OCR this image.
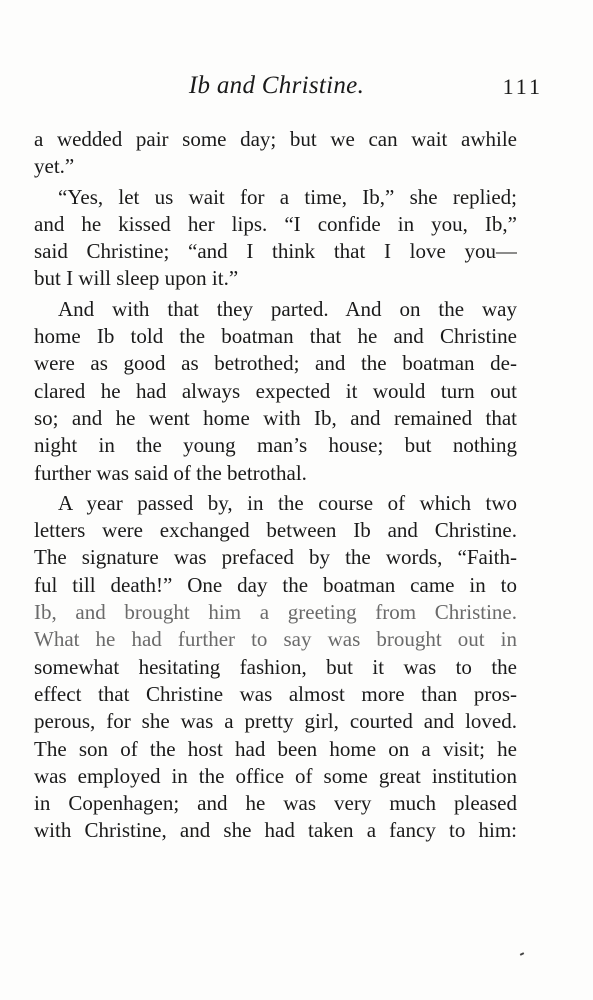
Ib and Christine.	111
a wedded pair some day; but we can wait awhile
yet.”
“Yes, let us wait for a time, Ib,” she replied;
and he kissed her lips. “I confide in you, Ib,”
said Christine; “and I think that I love you—
but I will sleep upon it.”
And with that they parted. And on the way
home Ib told the boatman that he and Christine
were as good as betrothed; and the boatman de-
clared he had always expected it would turn out
so; and he went home with Ib, and remained that
night in the young man’s house; but nothing
further was said of the betrothal.
A year passed by, in the course of which two
letters were exchanged between Ib and Christine.
The signature was prefaced by the words, “Faith-
ful till death!” One day the boatman came in to
Ib, and brought him a greeting from Christine.
What he had further to say was brought out in
somewhat hesitating fashion, but it was to the
effect that Christine was almost more than pros-
perous, for she was a pretty girl, courted and loved.
The son of the host had been home on a visit; he
was employed in the office of some great institution
in Copenhagen; and he was very much pleased
with Christine, and she had taken a fancy to him:
